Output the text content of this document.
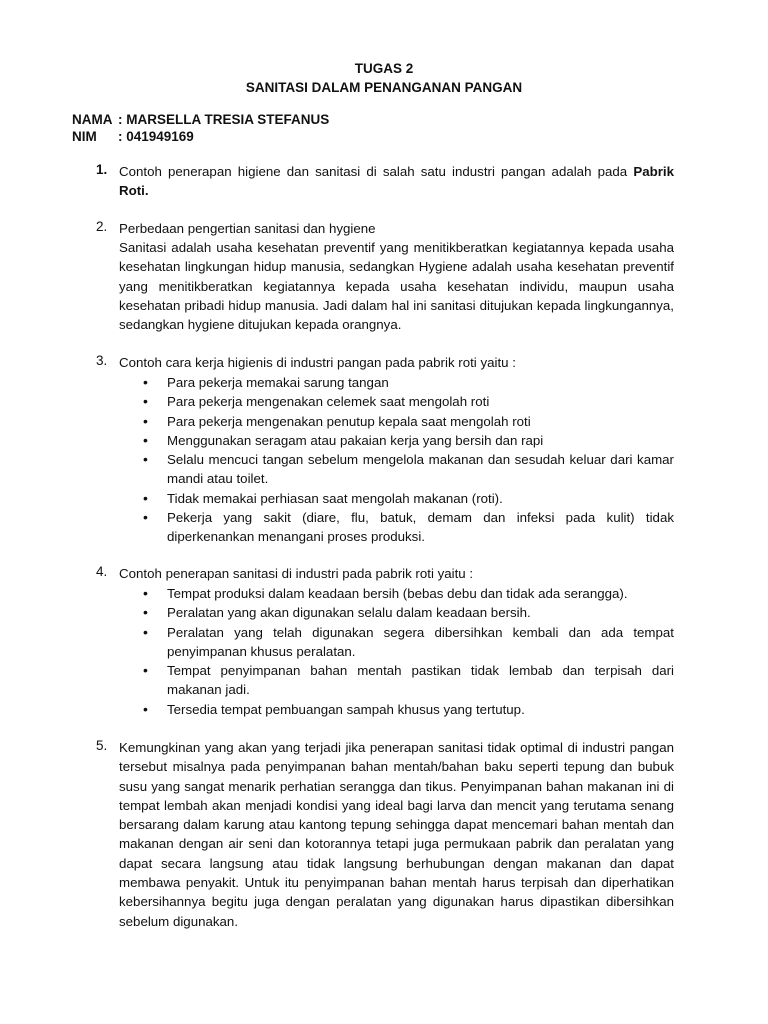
TUGAS 2
SANITASI DALAM PENANGANAN PANGAN
NAMA : MARSELLA TRESIA STEFANUS
NIM : 041949169
1. Contoh penerapan higiene dan sanitasi di salah satu industri pangan adalah pada Pabrik Roti.
2. Perbedaan pengertian sanitasi dan hygiene
Sanitasi adalah usaha kesehatan preventif yang menitikberatkan kegiatannya kepada usaha kesehatan lingkungan hidup manusia, sedangkan Hygiene adalah usaha kesehatan preventif yang menitikberatkan kegiatannya kepada usaha kesehatan individu, maupun usaha kesehatan pribadi hidup manusia. Jadi dalam hal ini sanitasi ditujukan kepada lingkungannya, sedangkan hygiene ditujukan kepada orangnya.
3. Contoh cara kerja higienis di industri pangan pada pabrik roti yaitu :
• Para pekerja memakai sarung tangan
• Para pekerja mengenakan celemek saat mengolah roti
• Para pekerja mengenakan penutup kepala saat mengolah roti
• Menggunakan seragam atau pakaian kerja yang bersih dan rapi
• Selalu mencuci tangan sebelum mengelola makanan dan sesudah keluar dari kamar mandi atau toilet.
• Tidak memakai perhiasan saat mengolah makanan (roti).
• Pekerja yang sakit (diare, flu, batuk, demam dan infeksi pada kulit) tidak diperkenankan menangani proses produksi.
4. Contoh penerapan sanitasi di industri pada pabrik roti yaitu :
• Tempat produksi dalam keadaan bersih (bebas debu dan tidak ada serangga).
• Peralatan yang akan digunakan selalu dalam keadaan bersih.
• Peralatan yang telah digunakan segera dibersihkan kembali dan ada tempat penyimpanan khusus peralatan.
• Tempat penyimpanan bahan mentah pastikan tidak lembab dan terpisah dari makanan jadi.
• Tersedia tempat pembuangan sampah khusus yang tertutup.
5. Kemungkinan yang akan yang terjadi jika penerapan sanitasi tidak optimal di industri pangan tersebut misalnya pada penyimpanan bahan mentah/bahan baku seperti tepung dan bubuk susu yang sangat menarik perhatian serangga dan tikus. Penyimpanan bahan makanan ini di tempat lembah akan menjadi kondisi yang ideal bagi larva dan mencit yang terutama senang bersarang dalam karung atau kantong tepung sehingga dapat mencemari bahan mentah dan makanan dengan air seni dan kotorannya tetapi juga permukaan pabrik dan peralatan yang dapat secara langsung atau tidak langsung berhubungan dengan makanan dan dapat membawa penyakit. Untuk itu penyimpanan bahan mentah harus terpisah dan diperhatikan kebersihannya begitu juga dengan peralatan yang digunakan harus dipastikan dibersihkan sebelum digunakan.
